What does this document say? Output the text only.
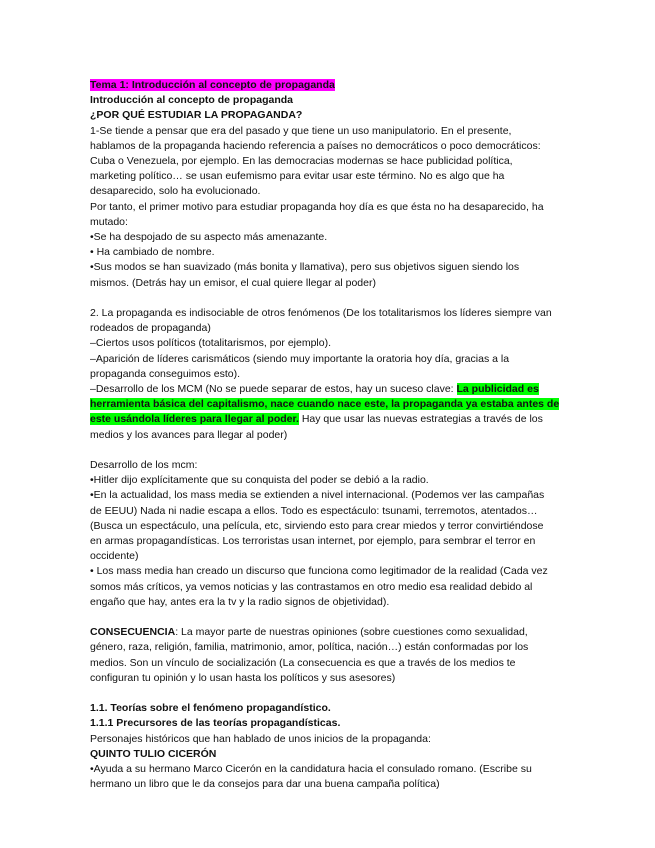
Tema 1: Introducción al concepto de propaganda
Introducción al concepto de propaganda
¿POR QUÉ ESTUDIAR LA PROPAGANDA?
1-Se tiende a pensar que era del pasado y que tiene un uso manipulatorio. En el presente,
hablamos de la propaganda haciendo referencia a países no democráticos o poco democráticos:
Cuba o Venezuela, por ejemplo. En las democracias modernas se hace publicidad política,
marketing político… se usan eufemismo para evitar usar este término. No es algo que ha
desaparecido, solo ha evolucionado.
Por tanto, el primer motivo para estudiar propaganda hoy día es que ésta no ha desaparecido, ha
mutado:
•Se ha despojado de su aspecto más amenazante.
• Ha cambiado de nombre.
•Sus modos se han suavizado (más bonita y llamativa), pero sus objetivos siguen siendo los
mismos. (Detrás hay un emisor, el cual quiere llegar al poder)
2. La propaganda es indisociable de otros fenómenos (De los totalitarismos los líderes siempre van
rodeados de propaganda)
–Ciertos usos políticos (totalitarismos, por ejemplo).
–Aparición de líderes carismáticos (siendo muy importante la oratoria hoy día, gracias a la
propaganda conseguimos esto).
–Desarrollo de los MCM (No se puede separar de estos, hay un suceso clave: La publicidad es
herramienta básica del capitalismo, nace cuando nace este, la propaganda ya estaba antes de
este usándola líderes para llegar al poder. Hay que usar las nuevas estrategias a través de los
medios y los avances para llegar al poder)
Desarrollo de los mcm:
•Hitler dijo explícitamente que su conquista del poder se debió a la radio.
•En la actualidad, los mass media se extienden a nivel internacional. (Podemos ver las campañas
de EEUU) Nada ni nadie escapa a ellos. Todo es espectáculo: tsunami, terremotos, atentados…
(Busca un espectáculo, una película, etc, sirviendo esto para crear miedos y terror convirtiéndose
en armas propagandísticas. Los terroristas usan internet, por ejemplo, para sembrar el terror en
occidente)
• Los mass media han creado un discurso que funciona como legitimador de la realidad (Cada vez
somos más críticos, ya vemos noticias y las contrastamos en otro medio esa realidad debido al
engaño que hay, antes era la tv y la radio signos de objetividad).
CONSECUENCIA: La mayor parte de nuestras opiniones (sobre cuestiones como sexualidad,
género, raza, religión, familia, matrimonio, amor, política, nación…) están conformadas por los
medios. Son un vínculo de socialización (La consecuencia es que a través de los medios te
configuran tu opinión y lo usan hasta los políticos y sus asesores)
1.1. Teorías sobre el fenómeno propagandístico.
1.1.1 Precursores de las teorías propagandísticas.
Personajes históricos que han hablado de unos inicios de la propaganda:
QUINTO TULIO CICERÓN
•Ayuda a su hermano Marco Cicerón en la candidatura hacia el consulado romano. (Escribe su
hermano un libro que le da consejos para dar una buena campaña política)
